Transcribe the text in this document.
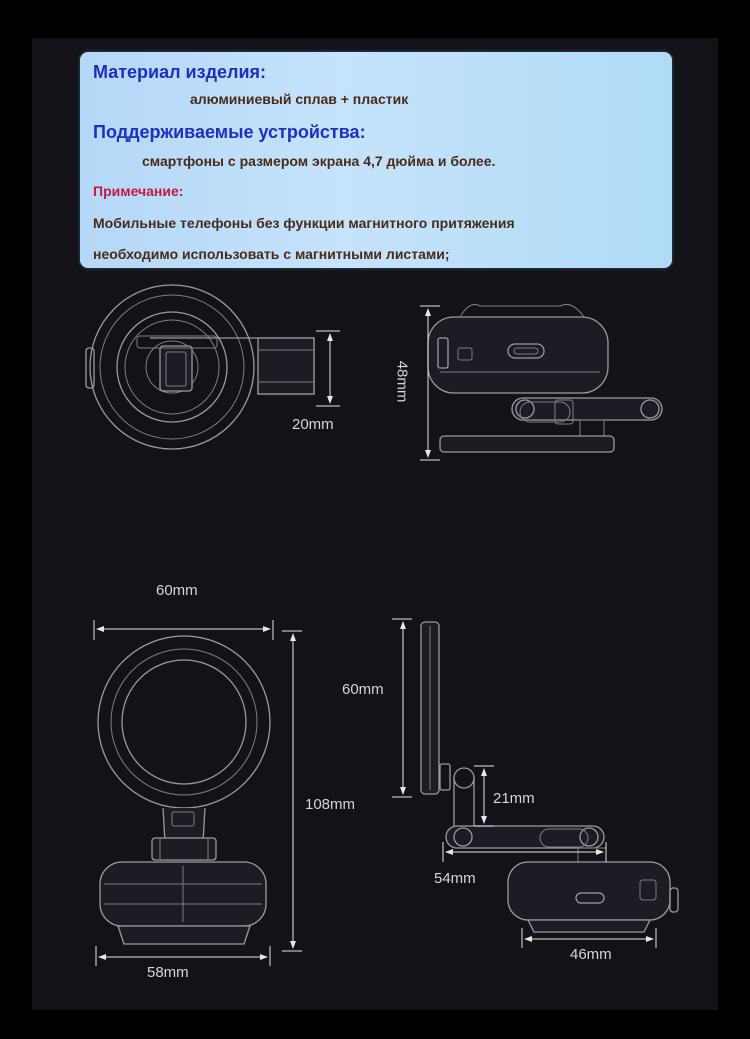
Материал изделия:
алюминиевый сплав + пластик
Поддерживаемые устройства:
смартфоны с размером экрана 4,7 дюйма и более.
Примечание:
Мобильные телефоны без функции магнитного притяжения
необходимо использовать с магнитными листами;
20mm
48mm
60mm
108mm
58mm
60mm
21mm
54mm
46mm
